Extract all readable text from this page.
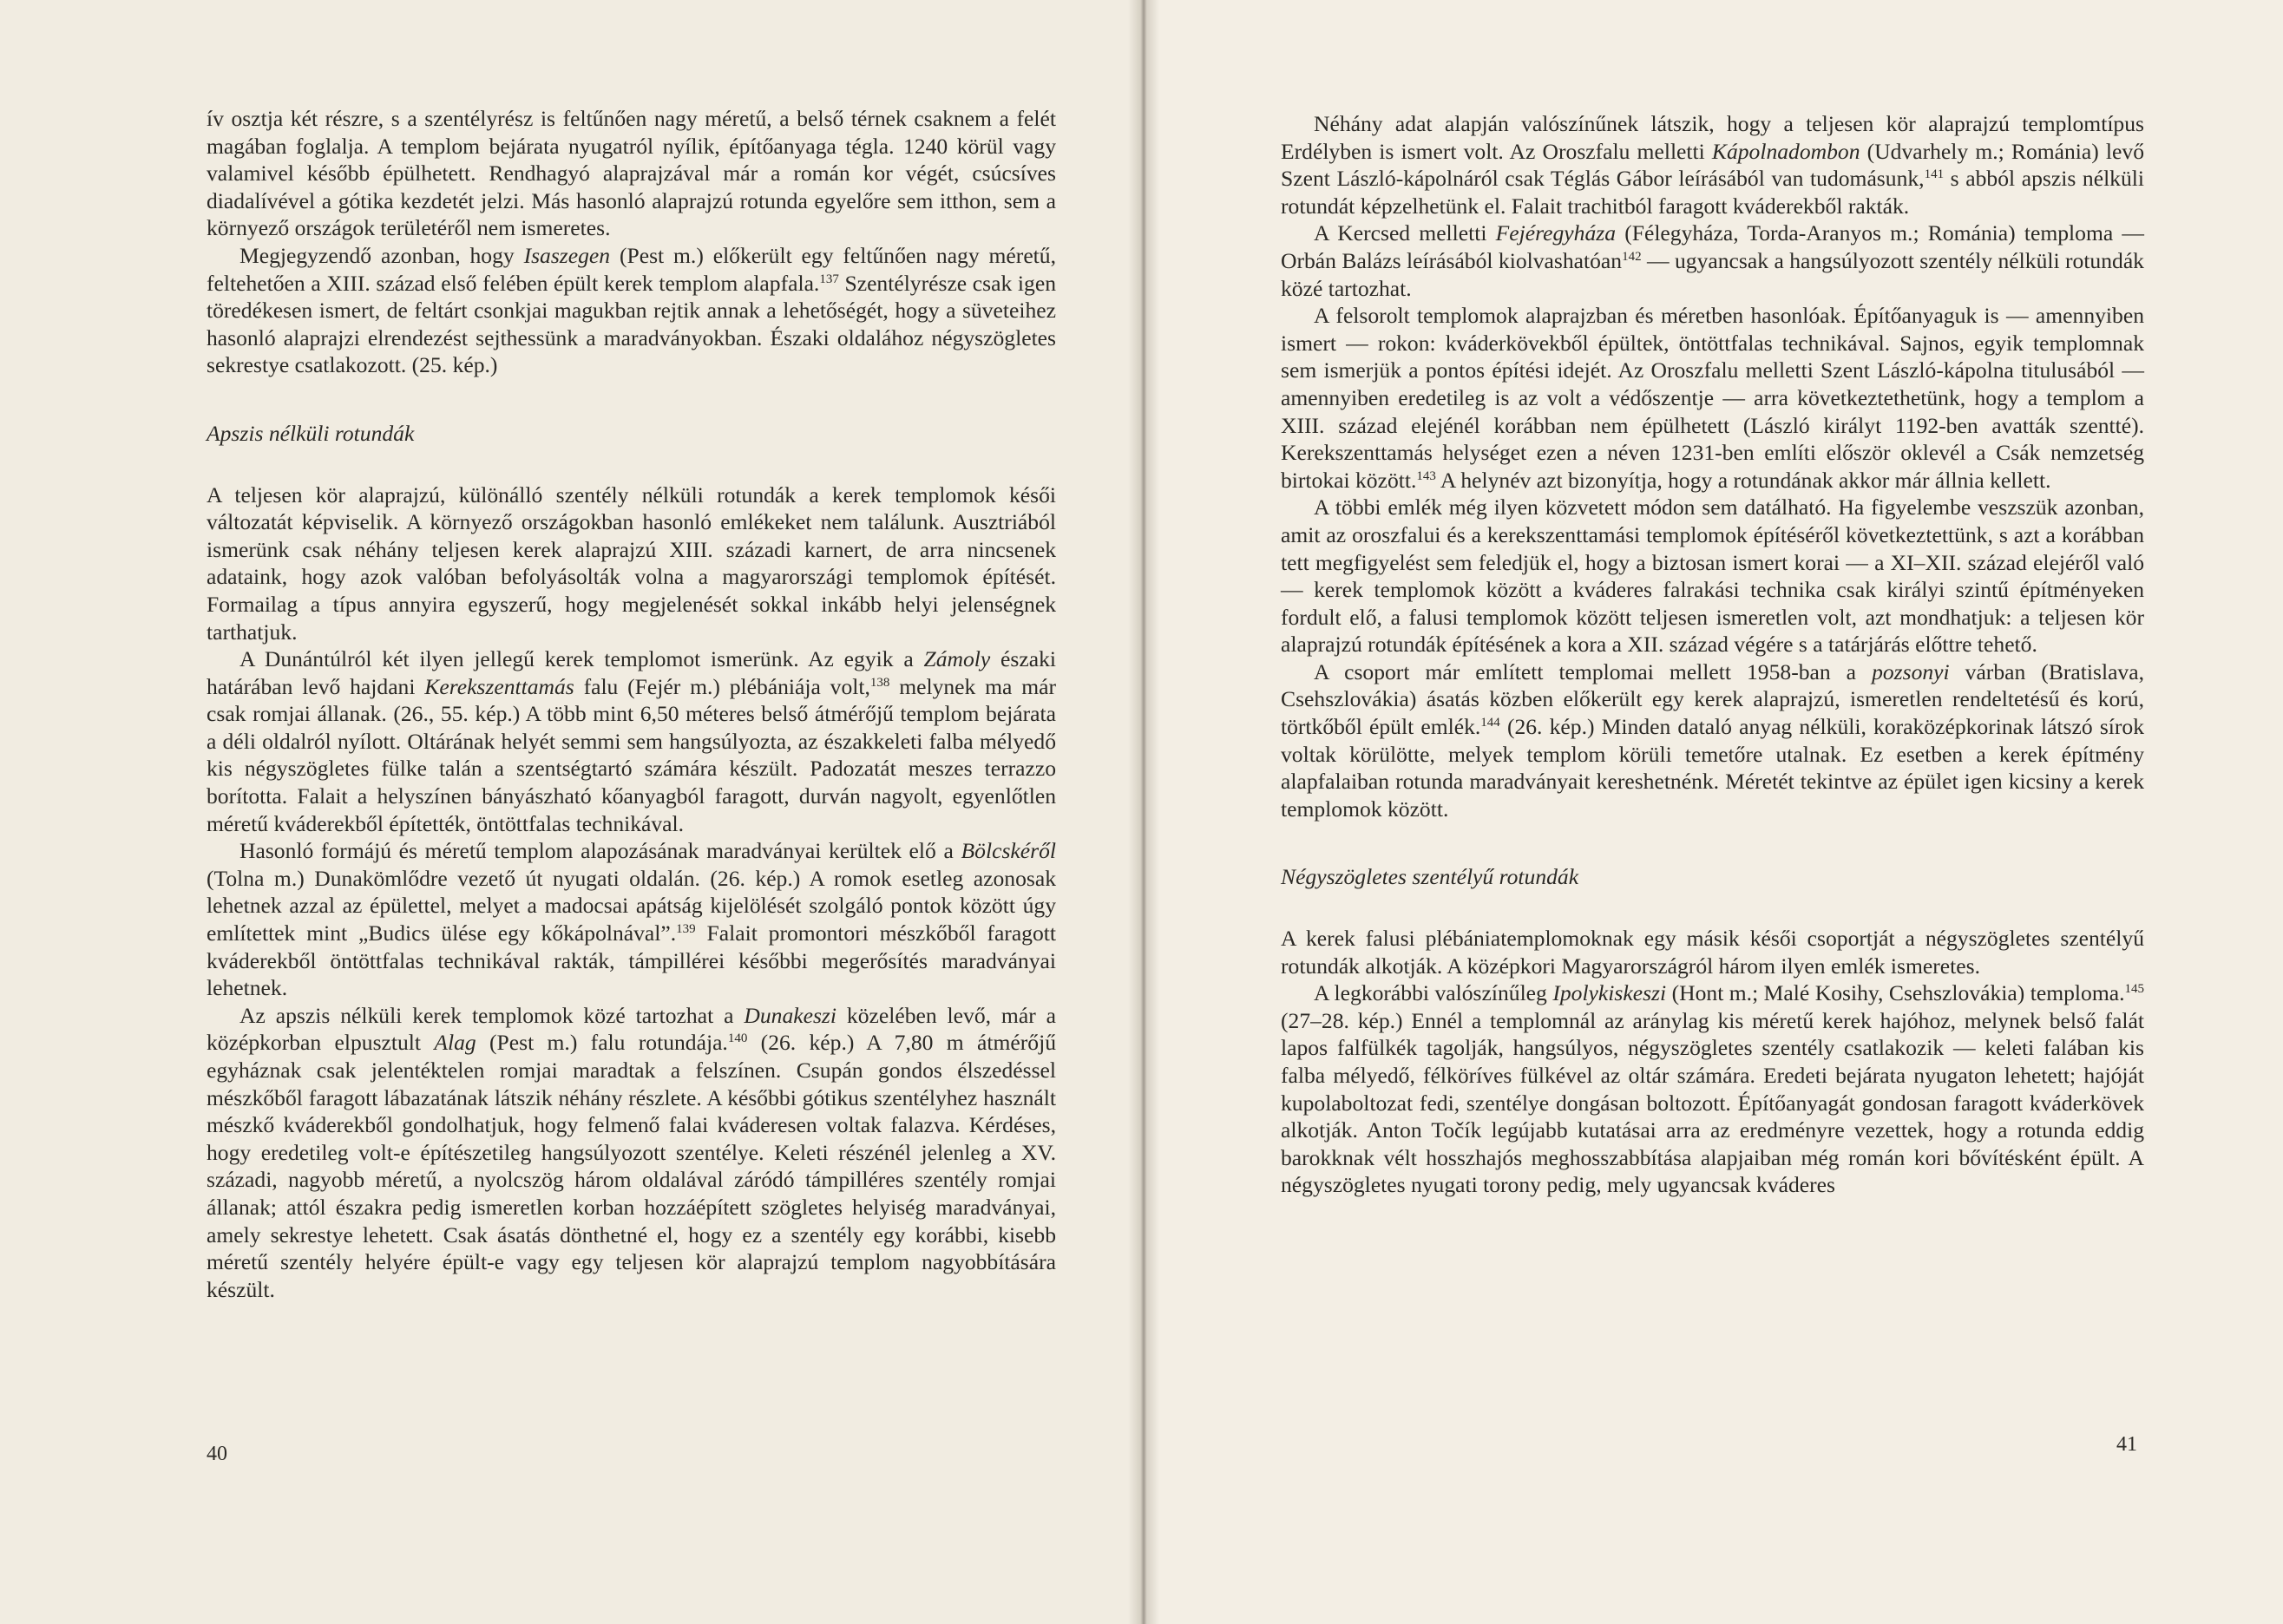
ív osztja két részre, s a szentélyrész is feltűnően nagy méretű, a belső térnek csaknem a felét magában foglalja. A templom bejárata nyugatról nyílik, építőanyaga tégla. 1240 körül vagy valamivel később épülhetett. Rendhagyó alaprajzával már a román kor végét, csúcsíves diadalívével a gótika kezdetét jelzi. Más hasonló alaprajzú rotunda egyelőre sem itthon, sem a környező országok területéről nem ismeretes.

Megjegyzendő azonban, hogy Isaszegen (Pest m.) előkerült egy feltűnően nagy méretű, feltehetően a XIII. század első felében épült kerek templom alapfala.$^{137}$ Szentélyrésze csak igen töredékesen ismert, de feltárt csonkjai magukban rejtik annak a lehetőségét, hogy a süveteihez hasonló alaprajzi elrendezést sejthessünk a maradványokban. Északi oldalához négyszögletes sekrestye csatlakozott. (25. kép.)

Apszis nélküli rotundák

A teljesen kör alaprajzú, különálló szentély nélküli rotundák a kerek templomok késői változatát képviselik. A környező országokban hasonló emlékeket nem találunk. Ausztriából ismerünk csak néhány teljesen kerek alaprajzú XIII. századi karnert, de arra nincsenek adataink, hogy azok valóban befolyásolták volna a magyarországi templomok építését. Formailag a típus annyira egyszerű, hogy megjelenését sokkal inkább helyi jelenségnek tarthatjuk.

A Dunántúlról két ilyen jellegű kerek templomot ismerünk. Az egyik a Zámoly északi határában levő hajdani Kerekszenttamás falu (Fejér m.) plébániája volt,$^{138}$ melynek ma már csak romjai állanak. (26., 55. kép.) A több mint 6,50 méteres belső átmérőjű templom bejárata a déli oldalról nyílott. Oltárának helyét semmi sem hangsúlyozta, az északkeleti falba mélyedő kis négyszögletes fülke talán a szentségtartó számára készült. Padozatát meszes terrazzo borította. Falait a helyszínen bányászható kőanyagból faragott, durván nagyolt, egyenlőtlen méretű kváderekből építették, öntöttfalas technikával.

Hasonló formájú és méretű templom alapozásának maradványai kerültek elő a Bölcskéről (Tolna m.) Dunakömlődre vezető út nyugati oldalán. (26. kép.) A romok esetleg azonosak lehetnek azzal az épülettel, melyet a madocsai apátság kijelölését szolgáló pontok között úgy említettek mint „Budics ülése egy kőkápolnával”.$^{139}$ Falait promontori mészkőből faragott kváderekből öntöttfalas technikával rakták, támpillérei későbbi megerősítés maradványai lehetnek.

Az apszis nélküli kerek templomok közé tartozhat a Dunakeszi közelében levő, már a középkorban elpusztult Alag (Pest m.) falu rotundája.$^{140}$ (26. kép.) A 7,80 m átmérőjű egyháznak csak jelentéktelen romjai maradtak a felszínen. Csupán gondos élszedéssel mészkőből faragott lábazatának látszik néhány részlete. A későbbi gótikus szentélyhez használt mészkő kváderekből gondolhatjuk, hogy felmenő falai kváderesen voltak falazva. Kérdéses, hogy eredetileg volt-e építészetileg hangsúlyozott szentélye. Keleti részénél jelenleg a XV. századi, nagyobb méretű, a nyolcszög három oldalával záródó támpilléres szentély romjai állanak; attól északra pedig ismeretlen korban hozzáépített szögletes helyiség maradványai, amely sekrestye lehetett. Csak ásatás dönthetné el, hogy ez a szentély egy korábbi, kisebb méretű szentély helyére épült-e vagy egy teljesen kör alaprajzú templom nagyobbítására készült.

40

Néhány adat alapján valószínűnek látszik, hogy a teljesen kör alaprajzú templomtípus Erdélyben is ismert volt. Az Oroszfalu melletti Kápolnadombon (Udvarhely m.; Románia) levő Szent László-kápolnáról csak Téglás Gábor leírásából van tudomásunk,$^{141}$ s abból apszis nélküli rotundát képzelhetünk el. Falait trachitból faragott kváderekből rakták.

A Kercsed melletti Fejéregyháza (Félegyháza, Torda-Aranyos m.; Románia) temploma — Orbán Balázs leírásából kiolvashatóan$^{142}$ — ugyancsak a hangsúlyozott szentély nélküli rotundák közé tartozhat.

A felsorolt templomok alaprajzban és méretben hasonlóak. Építőanyaguk is — amennyiben ismert — rokon: kváderkövekből épültek, öntöttfalas technikával. Sajnos, egyik templomnak sem ismerjük a pontos építési idejét. Az Oroszfalu melletti Szent László-kápolna titulusából — amennyiben eredetileg is az volt a védőszentje — arra következtethetünk, hogy a templom a XIII. század elejénél korábban nem épülhetett (László királyt 1192-ben avatták szentté). Kerekszenttamás helységet ezen a néven 1231-ben említi először oklevél a Csák nemzetség birtokai között.$^{143}$ A helynév azt bizonyítja, hogy a rotundának akkor már állnia kellett.

A többi emlék még ilyen közvetett módon sem datálható. Ha figyelembe veszszük azonban, amit az oroszfalui és a kerekszenttamási templomok építéséről következtettünk, s azt a korábban tett megfigyelést sem feledjük el, hogy a biztosan ismert korai — a XI–XII. század elejéről való — kerek templomok között a kváderes falrakási technika csak királyi szintű építményeken fordult elő, a falusi templomok között teljesen ismeretlen volt, azt mondhatjuk: a teljesen kör alaprajzú rotundák építésének a kora a XII. század végére s a tatárjárás előttre tehető.

A csoport már említett templomai mellett 1958-ban a pozsonyi várban (Bratislava, Csehszlovákia) ásatás közben előkerült egy kerek alaprajzú, ismeretlen rendeltetésű és korú, törtkőből épült emlék.$^{144}$ (26. kép.) Minden dataló anyag nélküli, koraközépkorinak látszó sírok voltak körülötte, melyek templom körüli temetőre utalnak. Ez esetben a kerek építmény alapfalaiban rotunda maradványait kereshetnénk. Méretét tekintve az épület igen kicsiny a kerek templomok között.

Négyszögletes szentélyű rotundák

A kerek falusi plébániatemplomoknak egy másik késői csoportját a négyszögletes szentélyű rotundák alkotják. A középkori Magyarországról három ilyen emlék ismeretes.

A legkorábbi valószínűleg Ipolykiskeszi (Hont m.; Malé Kosihy, Csehszlovákia) temploma.$^{145}$ (27–28. kép.) Ennél a templomnál az aránylag kis méretű kerek hajóhoz, melynek belső falát lapos falfülkék tagolják, hangsúlyos, négyszögletes szentély csatlakozik — keleti falában kis falba mélyedő, félköríves fülkével az oltár számára. Eredeti bejárata nyugaton lehetett; hajóját kupolaboltozat fedi, szentélye dongásan boltozott. Építőanyagát gondosan faragott kváderkövek alkotják. Anton Točík legújabb kutatásai arra az eredményre vezettek, hogy a rotunda eddig barokknak vélt hosszhajós meghosszabbítása alapjaiban még román kori bővítésként épült. A négyszögletes nyugati torony pedig, mely ugyancsak kváderes

41
